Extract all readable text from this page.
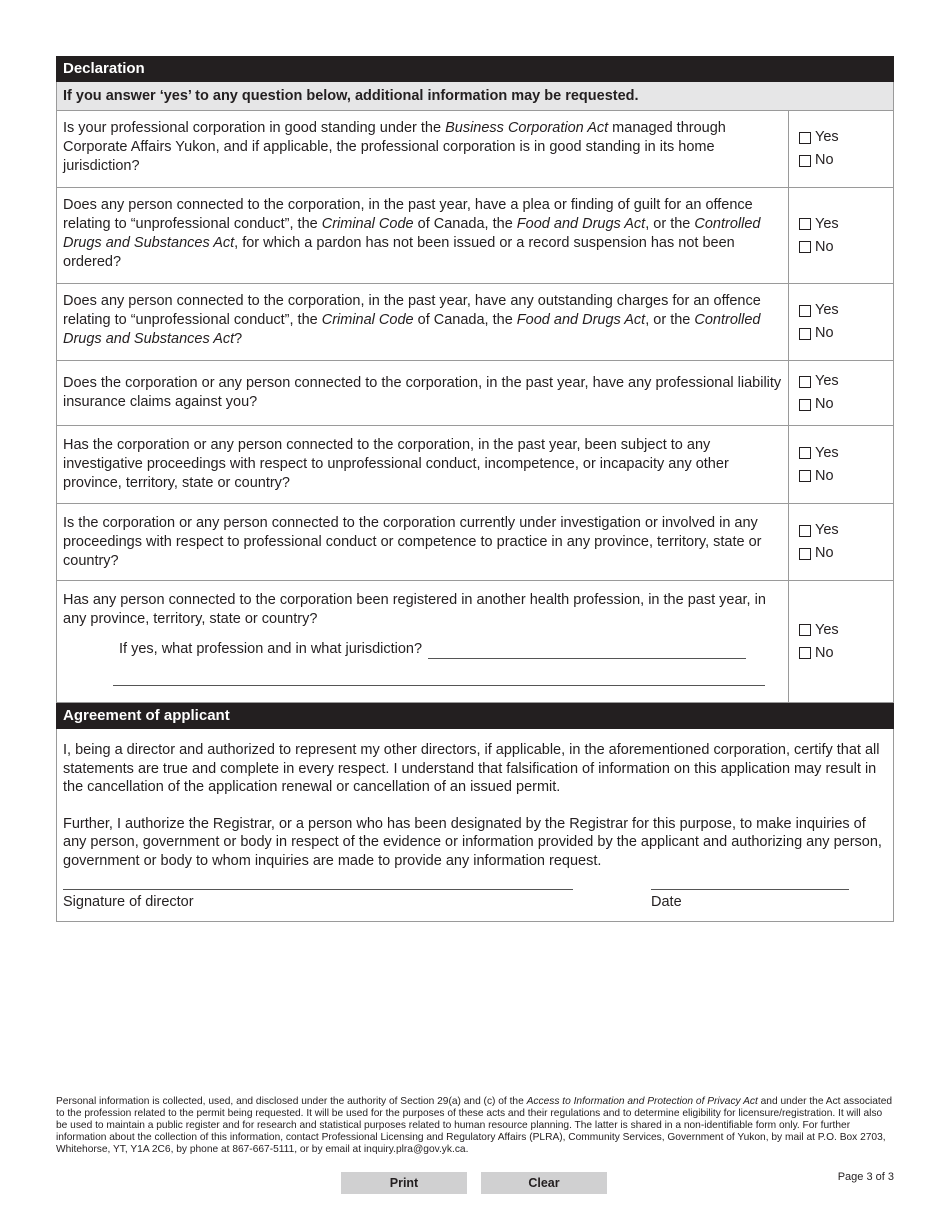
Declaration
If you answer ‘yes’ to any question below, additional information may be requested.
Is your professional corporation in good standing under the Business Corporation Act managed through Corporate Affairs Yukon, and if applicable, the professional corporation is in good standing in its home jurisdiction?
Yes
No
Does any person connected to the corporation, in the past year, have a plea or finding of guilt for an offence relating to “unprofessional conduct”, the Criminal Code of Canada, the Food and Drugs Act, or the Controlled Drugs and Substances Act, for which a pardon has not been issued or a record suspension has not been ordered?
Yes
No
Does any person connected to the corporation, in the past year, have any outstanding charges for an offence relating to “unprofessional conduct”, the Criminal Code of Canada, the Food and Drugs Act, or the Controlled Drugs and Substances Act?
Yes
No
Does the corporation or any person connected to the corporation, in the past year, have any professional liability insurance claims against you?
Yes
No
Has the corporation or any person connected to the corporation, in the past year, been subject to any investigative proceedings with respect to unprofessional conduct, incompetence, or incapacity any other province, territory, state or country?
Yes
No
Is the corporation or any person connected to the corporation currently under investigation or involved in any proceedings with respect to professional conduct or competence to practice in any province, territory, state or country?
Yes
No
Has any person connected to the corporation been registered in another health profession, in the past year, in any province, territory, state or country?
If yes, what profession and in what jurisdiction?
Yes
No
Agreement of applicant

I, being a director and authorized to represent my other directors, if applicable, in the aforementioned corporation, certify that all statements are true and complete in every respect. I understand that falsification of information on this application may result in the cancellation of the application renewal or cancellation of an issued permit.

Further, I authorize the Registrar, or a person who has been designated by the Registrar for this purpose, to make inquiries of any person, government or body in respect of the evidence or information provided by the applicant and authorizing any person, government or body to whom inquiries are made to provide any information request.

Signature of director	Date
Personal information is collected, used, and disclosed under the authority of Section 29(a) and (c) of the Access to Information and Protection of Privacy Act and under the Act associated to the profession related to the permit being requested. It will be used for the purposes of these acts and their regulations and to determine eligibility for licensure/registration. It will also be used to maintain a public register and for research and statistical purposes related to human resource planning. The latter is shared in a non-identifiable form only. For further information about the collection of this information, contact Professional Licensing and Regulatory Affairs (PLRA), Community Services, Government of Yukon, by mail at P.O. Box 2703, Whitehorse, YT, Y1A 2C6, by phone at 867-667-5111, or by email at inquiry.plra@gov.yk.ca.
Print	Clear	Page 3 of 3
